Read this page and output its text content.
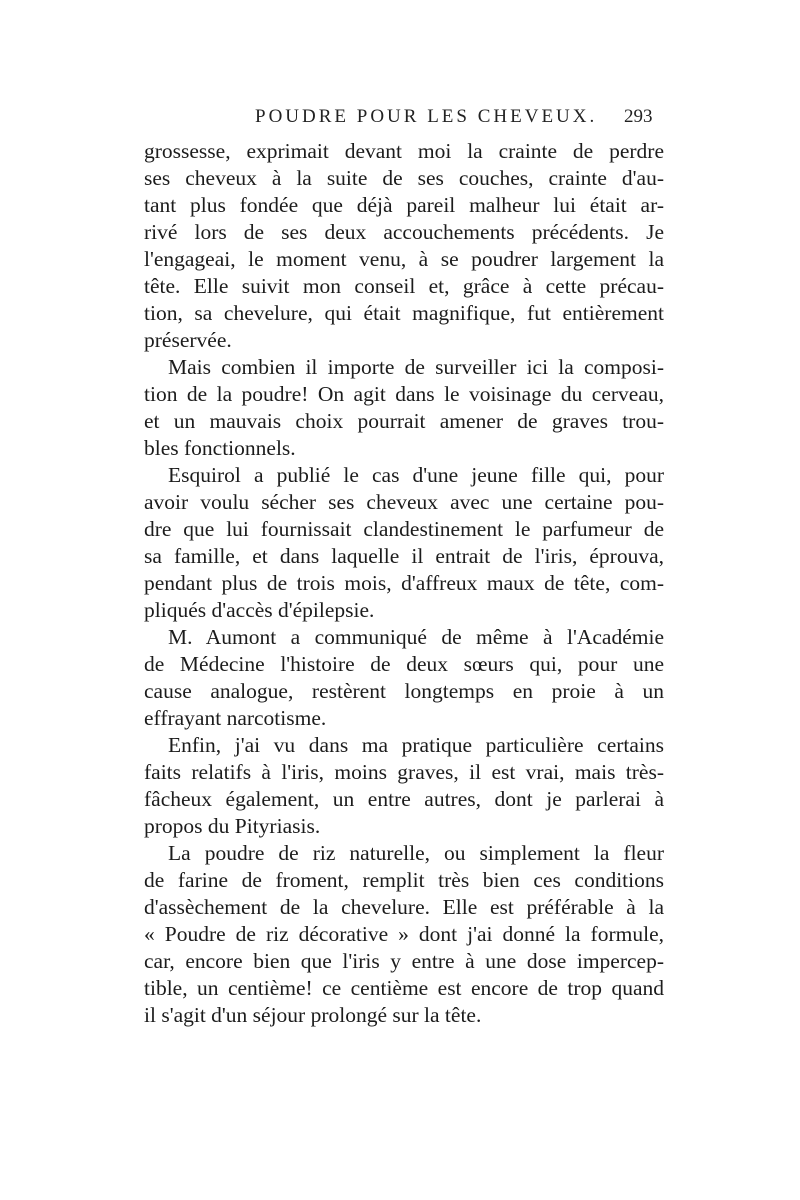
POUDRE POUR LES CHEVEUX. 293
grossesse, exprimait devant moi la crainte de perdre
ses cheveux à la suite de ses couches, crainte d'au-
tant plus fondée que déjà pareil malheur lui était ar-
rivé lors de ses deux accouchements précédents. Je
l'engageai, le moment venu, à se poudrer largement la
tête. Elle suivit mon conseil et, grâce à cette précau-
tion, sa chevelure, qui était magnifique, fut entièrement
préservée.
Mais combien il importe de surveiller ici la composi-
tion de la poudre! On agit dans le voisinage du cerveau,
et un mauvais choix pourrait amener de graves trou-
bles fonctionnels.
Esquirol a publié le cas d'une jeune fille qui, pour
avoir voulu sécher ses cheveux avec une certaine pou-
dre que lui fournissait clandestinement le parfumeur de
sa famille, et dans laquelle il entrait de l'iris, éprouva,
pendant plus de trois mois, d'affreux maux de tête, com-
pliqués d'accès d'épilepsie.
M. Aumont a communiqué de même à l'Académie
de Médecine l'histoire de deux sœurs qui, pour une
cause analogue, restèrent longtemps en proie à un
effrayant narcotisme.
Enfin, j'ai vu dans ma pratique particulière certains
faits relatifs à l'iris, moins graves, il est vrai, mais très-
fâcheux également, un entre autres, dont je parlerai à
propos du Pityriasis.
La poudre de riz naturelle, ou simplement la fleur
de farine de froment, remplit très bien ces conditions
d'assèchement de la chevelure. Elle est préférable à la
« Poudre de riz décorative » dont j'ai donné la formule,
car, encore bien que l'iris y entre à une dose impercep-
tible, un centième! ce centième est encore de trop quand
il s'agit d'un séjour prolongé sur la tête.
